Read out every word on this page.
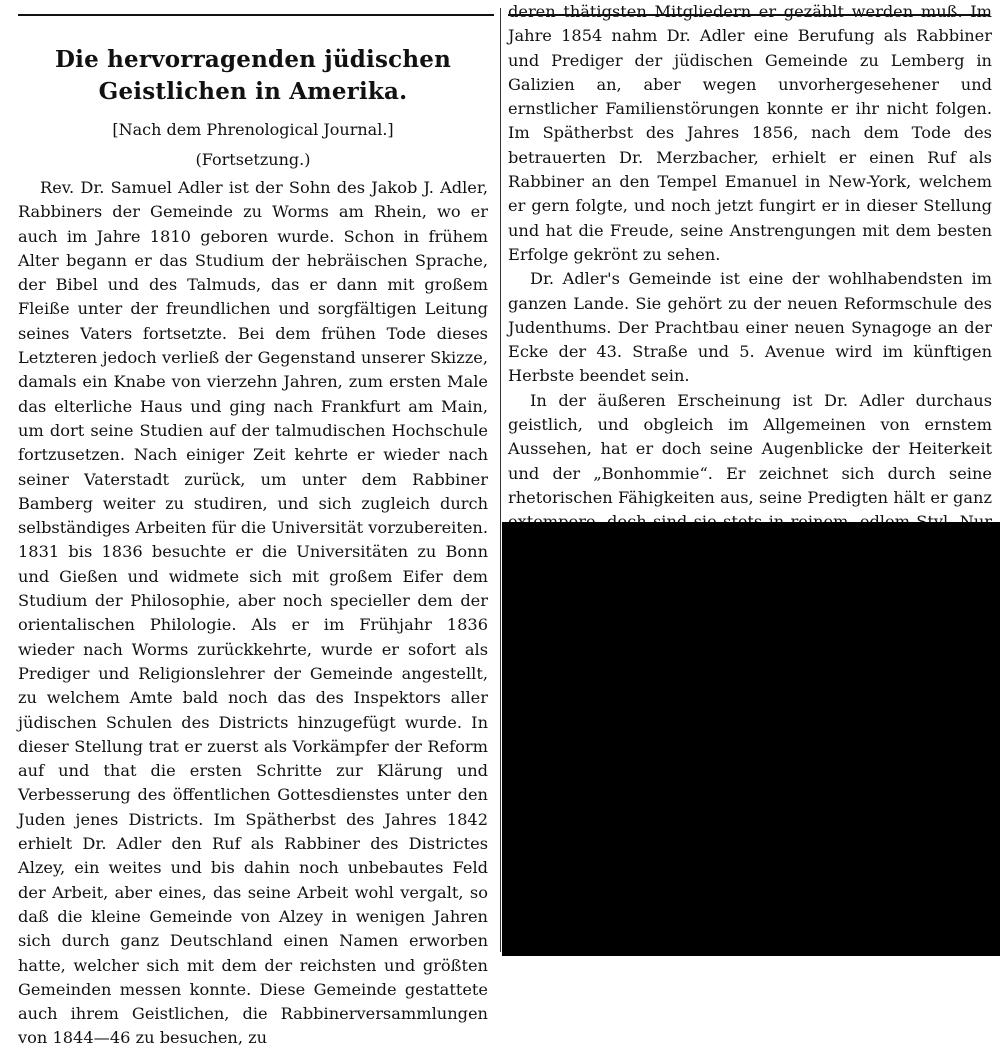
Die hervorragenden jüdischen Geistlichen in Amerika.
[Nach dem Phrenological Journal.]
(Fortsetzung.)

Rev. Dr. Samuel Adler ist der Sohn des Jakob J. Adler, Rabbiners der Gemeinde zu Worms am Rhein, wo er auch im Jahre 1810 geboren wurde. Schon in frühem Alter begann er das Studium der hebräischen Sprache, der Bibel und des Talmuds, das er dann mit großem Fleiße unter der freundlichen und sorgfältigen Leitung seines Vaters fortsetzte. Bei dem frühen Tode dieses Letzteren jedoch verließ der Gegenstand unserer Skizze, damals ein Knabe von vierzehn Jahren, zum ersten Male das elterliche Haus und ging nach Frankfurt am Main, um dort seine Studien auf der talmudischen Hochschule fortzusetzen. Nach einiger Zeit kehrte er wieder nach seiner Vaterstadt zurück, um unter dem Rabbiner Bamberg weiter zu studiren, und sich zugleich durch selbständiges Arbeiten für die Universität vorzubereiten. 1831 bis 1836 besuchte er die Universitäten zu Bonn und Gießen und widmete sich mit großem Eifer dem Studium der Philosophie, aber noch specieller dem der orientalischen Philologie. Als er im Frühjahr 1836 wieder nach Worms zurückkehrte, wurde er sofort als Prediger und Religionslehrer der Gemeinde angestellt, zu welchem Amte bald noch das des Inspektors aller jüdischen Schulen des Districts hinzugefügt wurde. In dieser Stellung trat er zuerst als Vorkämpfer der Reform auf und that die ersten Schritte zur Klärung und Verbesserung des öffentlichen Gottesdienstes unter den Juden jenes Districts. Im Spätherbst des Jahres 1842 erhielt Dr. Adler den Ruf als Rabbiner des Districtes Alzey, ein weites und bis dahin noch unbebautes Feld der Arbeit, aber eines, das seine Arbeit wohl vergalt, so daß die kleine Gemeinde von Alzey in wenigen Jahren sich durch ganz Deutschland einen Namen erworben hatte, welcher sich mit dem der reichsten und größten Gemeinden messen konnte. Diese Gemeinde gestattete auch ihrem Geistlichen, die Rabbinerversammlungen von 1844—46 zu besuchen, zu

deren thätigsten Mitgliedern er gezählt werden muß. Im Jahre 1854 nahm Dr. Adler eine Berufung als Rabbiner und Prediger der jüdischen Gemeinde zu Lemberg in Galizien an, aber wegen unvorhergesehener und ernstlicher Familienstörungen konnte er ihr nicht folgen. Im Spätherbst des Jahres 1856, nach dem Tode des betrauerten Dr. Merzbacher, erhielt er einen Ruf als Rabbiner an den Tempel Emanuel in New-York, welchem er gern folgte, und noch jetzt fungirt er in dieser Stellung und hat die Freude, seine Anstrengungen mit dem besten Erfolge gekrönt zu sehen.

Dr. Adler's Gemeinde ist eine der wohlhabendsten im ganzen Lande. Sie gehört zu der neuen Reformschule des Judenthums. Der Prachtbau einer neuen Synagoge an der Ecke der 43. Straße und 5. Avenue wird im künftigen Herbste beendet sein.

In der äußeren Erscheinung ist Dr. Adler durchaus geistlich, und obgleich im Allgemeinen von ernstem Aussehen, hat er doch seine Augenblicke der Heiterkeit und der „Bonhommie“. Er zeichnet sich durch seine rhetorischen Fähigkeiten aus, seine Predigten hält er ganz
